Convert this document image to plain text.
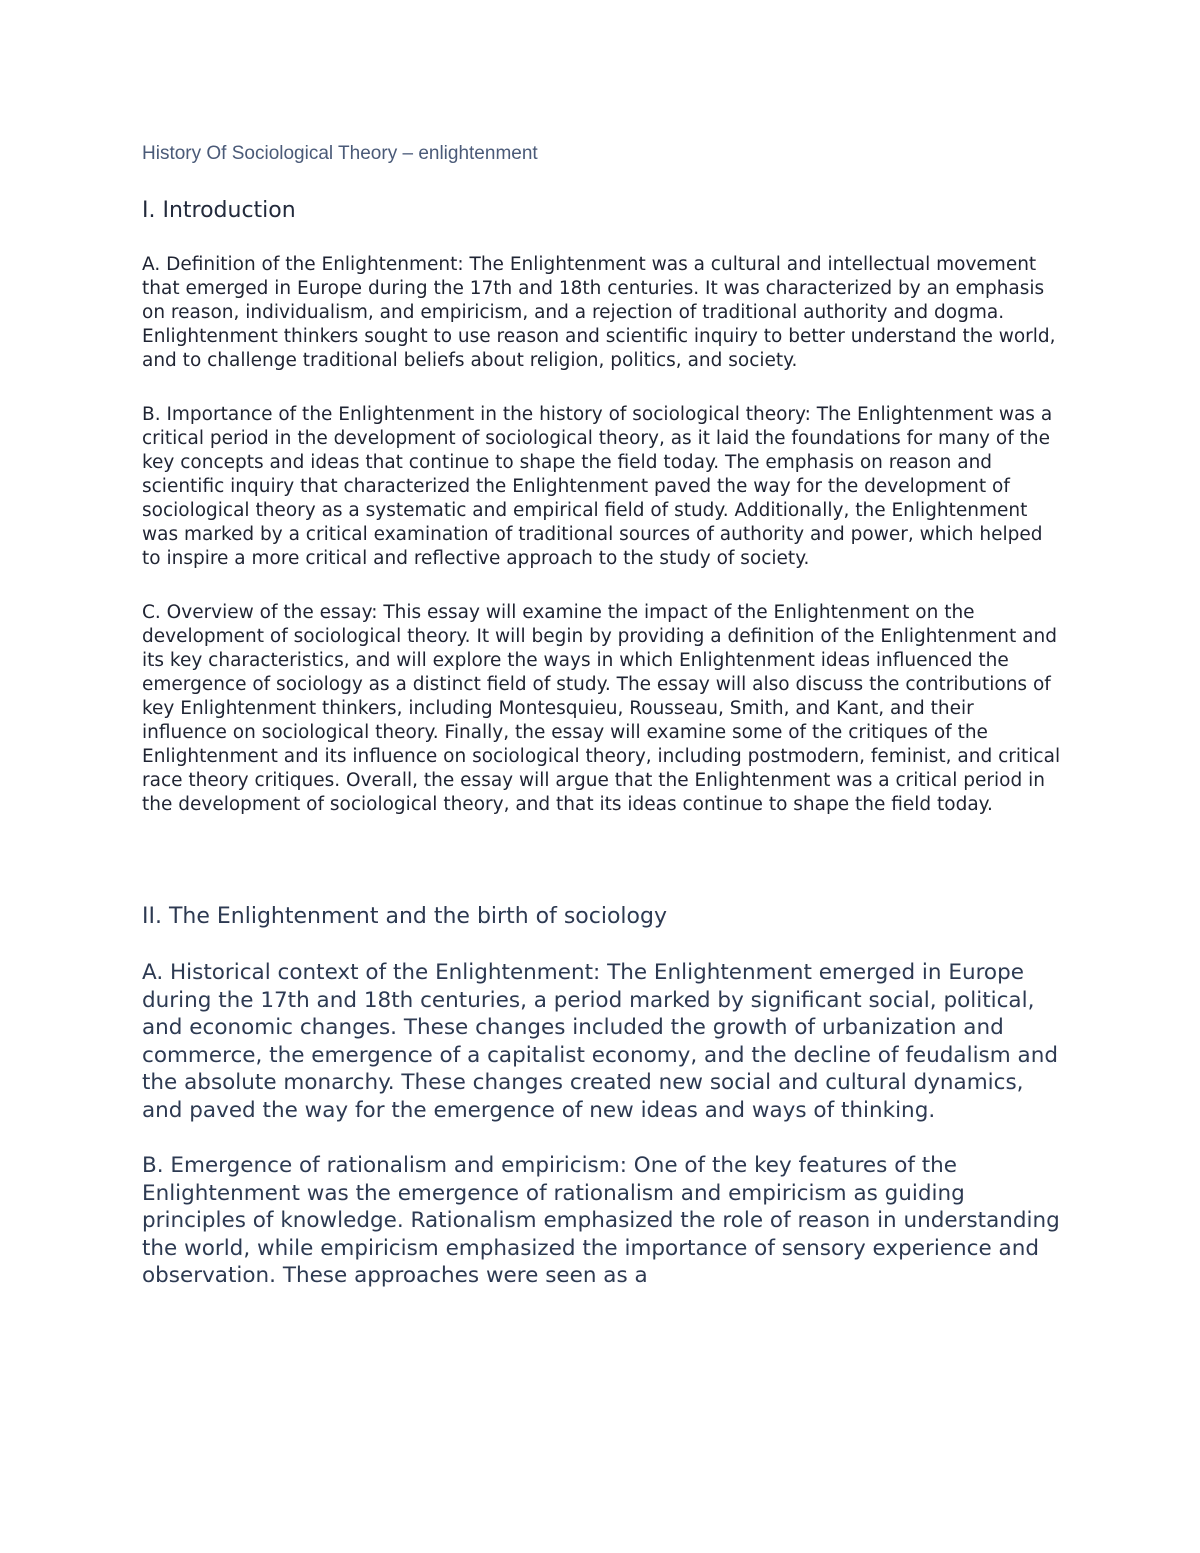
History Of Sociological Theory – enlightenment

I. Introduction

A. Definition of the Enlightenment: The Enlightenment was a cultural and intellectual movement that emerged in Europe during the 17th and 18th centuries. It was characterized by an emphasis on reason, individualism, and empiricism, and a rejection of traditional authority and dogma. Enlightenment thinkers sought to use reason and scientific inquiry to better understand the world, and to challenge traditional beliefs about religion, politics, and society.

B. Importance of the Enlightenment in the history of sociological theory: The Enlightenment was a critical period in the development of sociological theory, as it laid the foundations for many of the key concepts and ideas that continue to shape the field today. The emphasis on reason and scientific inquiry that characterized the Enlightenment paved the way for the development of sociological theory as a systematic and empirical field of study. Additionally, the Enlightenment was marked by a critical examination of traditional sources of authority and power, which helped to inspire a more critical and reflective approach to the study of society.

C. Overview of the essay: This essay will examine the impact of the Enlightenment on the development of sociological theory. It will begin by providing a definition of the Enlightenment and its key characteristics, and will explore the ways in which Enlightenment ideas influenced the emergence of sociology as a distinct field of study. The essay will also discuss the contributions of key Enlightenment thinkers, including Montesquieu, Rousseau, Smith, and Kant, and their influence on sociological theory. Finally, the essay will examine some of the critiques of the Enlightenment and its influence on sociological theory, including postmodern, feminist, and critical race theory critiques. Overall, the essay will argue that the Enlightenment was a critical period in the development of sociological theory, and that its ideas continue to shape the field today.

II. The Enlightenment and the birth of sociology

A. Historical context of the Enlightenment: The Enlightenment emerged in Europe during the 17th and 18th centuries, a period marked by significant social, political, and economic changes. These changes included the growth of urbanization and commerce, the emergence of a capitalist economy, and the decline of feudalism and the absolute monarchy. These changes created new social and cultural dynamics, and paved the way for the emergence of new ideas and ways of thinking.

B. Emergence of rationalism and empiricism: One of the key features of the Enlightenment was the emergence of rationalism and empiricism as guiding principles of knowledge. Rationalism emphasized the role of reason in understanding the world, while empiricism emphasized the importance of sensory experience and observation. These approaches were seen as a
